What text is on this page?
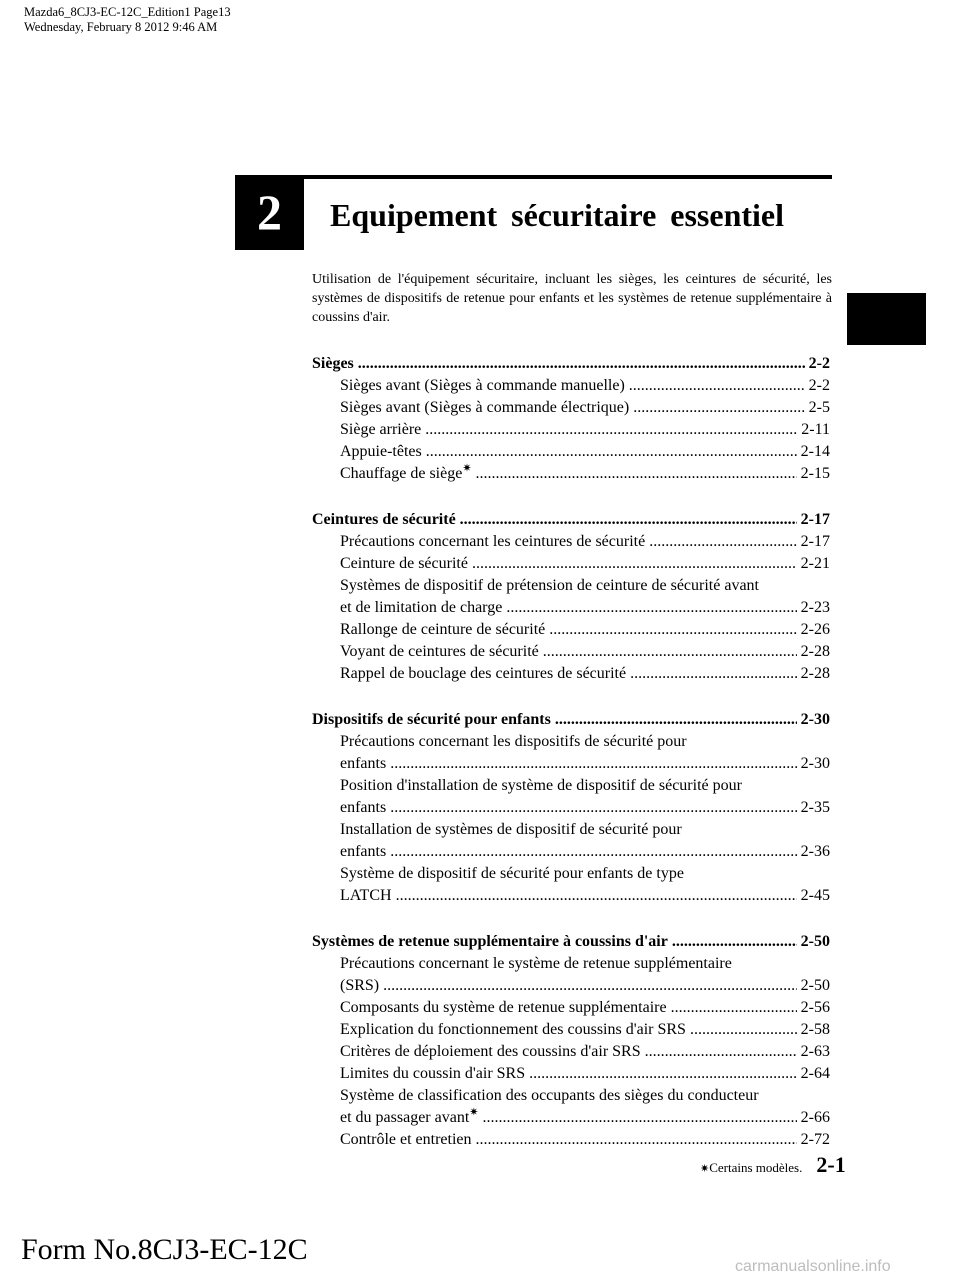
Mazda6_8CJ3-EC-12C_Edition1 Page13
Wednesday, February 8 2012 9:46 AM
2	Equipement sécuritaire essentiel

Utilisation de l'équipement sécuritaire, incluant les sièges, les ceintures de sécurité, les systèmes de dispositifs de retenue pour enfants et les systèmes de retenue supplémentaire à coussins d'air.

Sièges .....	2-2
Sièges avant (Sièges à commande manuelle) .....	2-2
Sièges avant (Sièges à commande électrique) .....	2-5
Siège arrière .....	2-11
Appuie-têtes .....	2-14
Chauffage de siège✷ .....	2-15
Ceintures de sécurité .....	2-17
Précautions concernant les ceintures de sécurité .....	2-17
Ceinture de sécurité .....	2-21
Systèmes de dispositif de prétension de ceinture de sécurité avant
et de limitation de charge .....	2-23
Rallonge de ceinture de sécurité .....	2-26
Voyant de ceintures de sécurité .....	2-28
Rappel de bouclage des ceintures de sécurité .....	2-28
Dispositifs de sécurité pour enfants .....	2-30
Précautions concernant les dispositifs de sécurité pour
enfants .....	2-30
Position d'installation de système de dispositif de sécurité pour
enfants .....	2-35
Installation de systèmes de dispositif de sécurité pour
enfants .....	2-36
Système de dispositif de sécurité pour enfants de type
LATCH .....	2-45
Systèmes de retenue supplémentaire à coussins d'air .....	2-50
Précautions concernant le système de retenue supplémentaire
(SRS) .....	2-50
Composants du système de retenue supplémentaire .....	2-56
Explication du fonctionnement des coussins d'air SRS .....	2-58
Critères de déploiement des coussins d'air SRS .....	2-63
Limites du coussin d'air SRS .....	2-64
Système de classification des occupants des sièges du conducteur
et du passager avant✷ .....	2-66
Contrôle et entretien .....	2-72
✷ Certains modèles. 2-1
Form No.8CJ3-EC-12C
carmanualsonline.info
